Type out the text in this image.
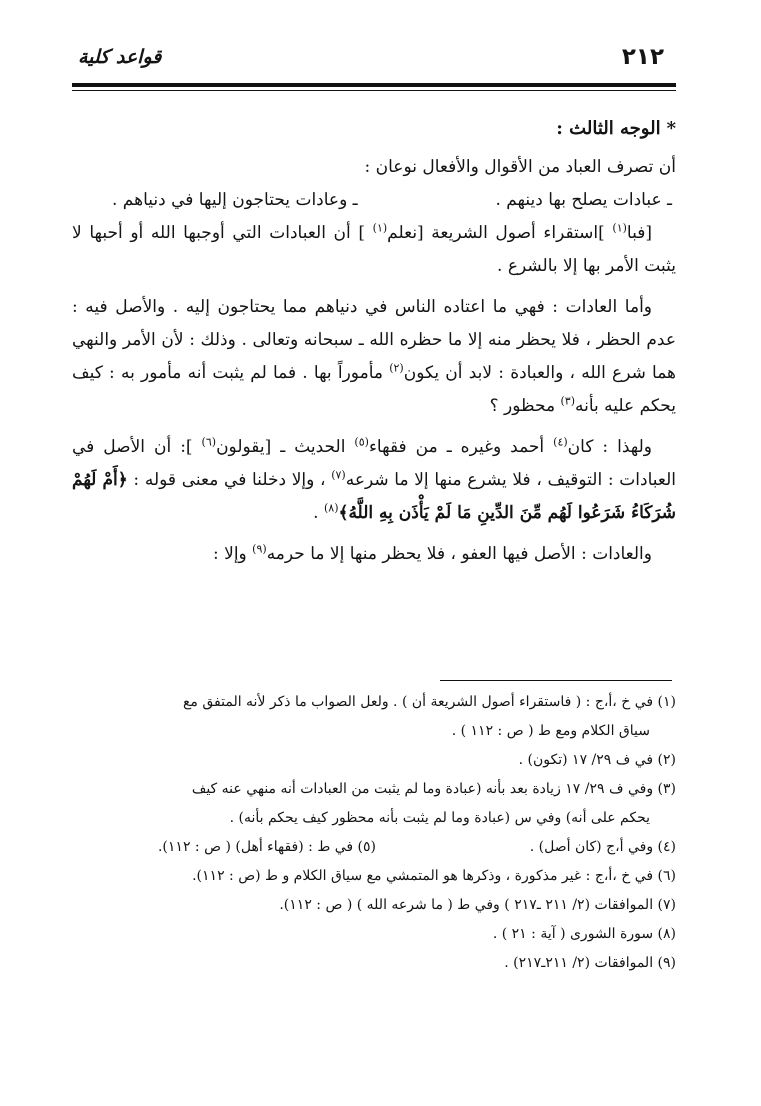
٢١٢
قواعد كلية

*الوجه الثالث :

أن تصرف العباد من الأقوال والأفعال نوعان :

ـ عبادات يصلح بها دينهم .
ـ وعادات يحتاجون إليها في دنياهم .

[فبا$^{(١)}$ ]استقراء أصول الشريعة [نعلم$^{(١)}$ ] أن العبادات التي أوجبها الله أو أحبها لا يثبت الأمر بها إلا بالشرع .

وأما العادات : فهي ما اعتاده الناس في دنياهم مما يحتاجون إليه . والأصل فيه : عدم الحظر ، فلا يحظر منه إلا ما حظره الله ـ سبحانه وتعالى . وذلك : لأن الأمر والنهي هما شرع الله ، والعبادة : لابد أن يكون$^{(٢)}$ مأموراً بها . فما لم يثبت أنه مأمور به : كيف يحكم عليه بأنه$^{(٣)}$ محظور ؟

ولهذا : كان$^{(٤)}$ أحمد وغيره ـ من فقهاء$^{(٥)}$ الحديث ـ [يقولون$^{(٦)}$ ]: أن الأصل في العبادات : التوقيف ، فلا يشرع منها إلا ما شرعه$^{(٧)}$ ، وإلا دخلنا في معنى قوله : ﴿أَمْ لَهُمْ شُرَكَاءُ شَرَعُوا لَهُم مِّنَ الدِّينِ مَا لَمْ يَأْذَن بِهِ اللَّهُ﴾$^{(٨)}$ .

والعادات : الأصل فيها العفو ، فلا يحظر منها إلا ما حرمه$^{(٩)}$ وإلا :

(١) في خ ،أ،ج : ( فاستقراء أصول الشريعة أن ) . ولعل الصواب ما ذكر لأنه المتفق مع

سياق الكلام ومع ط ( ص : ١١٢ ) .

(٢) في ف ٢٩/ ١٧ (تكون) .

(٣) وفي ف ٢٩/ ١٧ زيادة بعد بأنه (عبادة وما لم يثبت من العبادات أنه منهي عنه كيف

يحكم على أنه) وفي س (عبادة وما لم يثبت بأنه محظور كيف يحكم بأنه) .

(٤) وفي أ،ج (كان أصل) .
(٥) في ط : (فقهاء أهل) ( ص : ١١٢).

(٦) في خ ،أ،ج : غير مذكورة ، وذكرها هو المتمشي مع سياق الكلام و ط (ص : ١١٢).

(٧) الموافقات (٢/ ٢١١ ـ٢١٧ ) وفي ط ( ما شرعه الله ) ( ص : ١١٢).

(٨) سورة الشورى ( آية : ٢١ ) .

(٩) الموافقات (٢/ ٢١١ـ٢١٧) .
